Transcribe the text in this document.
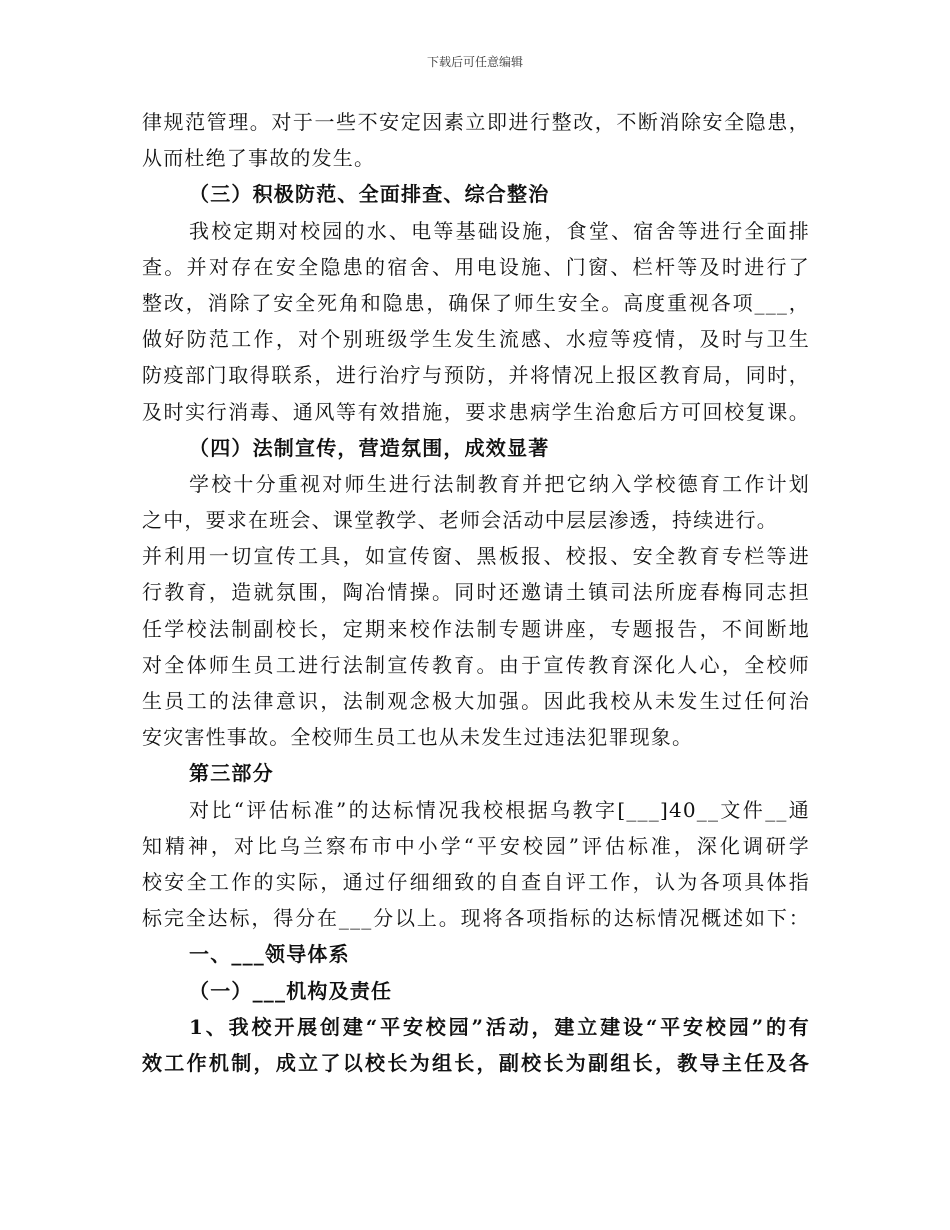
下载后可任意编辑
律规范管理。对于一些不安定因素立即进行整改，不断消除安全隐患，
从而杜绝了事故的发生。
（三）积极防范、全面排查、综合整治
我校定期对校园的水、电等基础设施，食堂、宿舍等进行全面排
查。并对存在安全隐患的宿舍、用电设施、门窗、栏杆等及时进行了
整改，消除了安全死角和隐患，确保了师生安全。高度重视各项___，
做好防范工作，对个别班级学生发生流感、水痘等疫情，及时与卫生
防疫部门取得联系，进行治疗与预防，并将情况上报区教育局，同时，
及时实行消毒、通风等有效措施，要求患病学生治愈后方可回校复课。
（四）法制宣传，营造氛围，成效显著
学校十分重视对师生进行法制教育并把它纳入学校德育工作计划
之中，要求在班会、课堂教学、老师会活动中层层渗透，持续进行。
并利用一切宣传工具，如宣传窗、黑板报、校报、安全教育专栏等进
行教育，造就氛围，陶冶情操。同时还邀请土镇司法所庞春梅同志担
任学校法制副校长，定期来校作法制专题讲座，专题报告，不间断地
对全体师生员工进行法制宣传教育。由于宣传教育深化人心，全校师
生员工的法律意识，法制观念极大加强。因此我校从未发生过任何治
安灾害性事故。全校师生员工也从未发生过违法犯罪现象。
第三部分
对比“评估标准”的达标情况我校根据乌教字[___]40__文件__通
知精神，对比乌兰察布市中小学“平安校园”评估标准，深化调研学
校安全工作的实际，通过仔细细致的自查自评工作，认为各项具体指
标完全达标，得分在___分以上。现将各项指标的达标情况概述如下：
一、___领导体系
（一）___机构及责任
1、我校开展创建“平安校园”活动，建立建设“平安校园”的有
效工作机制，成立了以校长为组长，副校长为副组长，教导主任及各
